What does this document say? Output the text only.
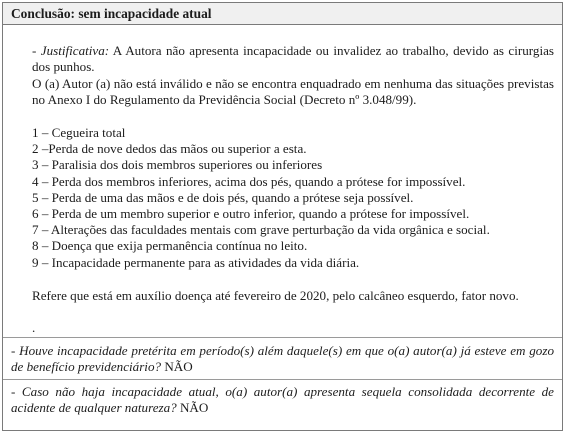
Conclusão: sem incapacidade atual
- Justificativa: A Autora não apresenta incapacidade ou invalidez ao trabalho, devido as cirurgias dos punhos.
O (a) Autor (a) não está inválido e não se encontra enquadrado em nenhuma das situações previstas no Anexo I do Regulamento da Previdência Social (Decreto nº 3.048/99).
1 – Cegueira total
2 –Perda de nove dedos das mãos ou superior a esta.
3 – Paralisia dos dois membros superiores ou inferiores
4 – Perda dos membros inferiores, acima dos pés, quando a prótese for impossível.
5 – Perda de uma das mãos e de dois pés, quando a prótese seja possível.
6 – Perda de um membro superior e outro inferior, quando a prótese for impossível.
7 – Alterações das faculdades mentais com grave perturbação da vida orgânica e social.
8 – Doença que exija permanência contínua no leito.
9 – Incapacidade permanente para as atividades da vida diária.
Refere que está em auxílio doença até fevereiro de 2020, pelo calcâneo esquerdo, fator novo.
.
- Houve incapacidade pretérita em período(s) além daquele(s) em que o(a) autor(a) já esteve em gozo de benefício previdenciário? NÃO
- Caso não haja incapacidade atual, o(a) autor(a) apresenta sequela consolidada decorrente de acidente de qualquer natureza? NÃO
